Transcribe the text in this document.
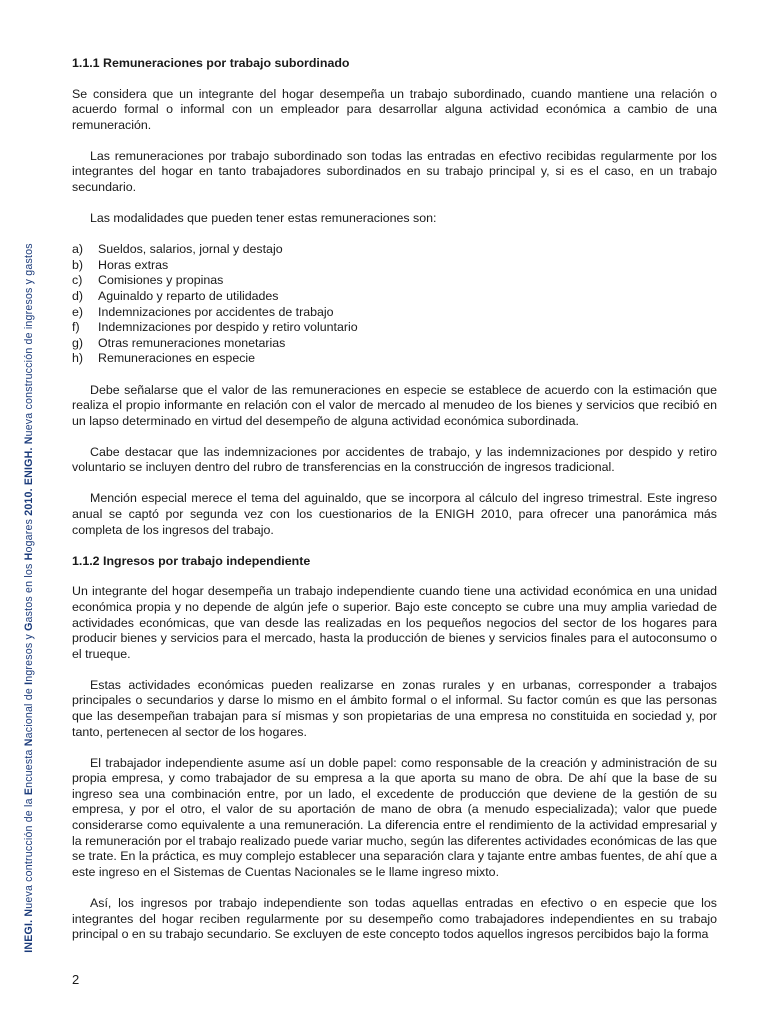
INEGI. Nueva contrucción de la Encuesta Nacional de Ingresos y Gastos en los Hogares 2010. ENIGH. Nueva construcción de ingresos y gastos
1.1.1 Remuneraciones por trabajo subordinado

Se considera que un integrante del hogar desempeña un trabajo subordinado, cuando mantiene una relación o acuerdo formal o informal con un empleador para desarrollar alguna actividad económica a cambio de una remuneración.

Las remuneraciones por trabajo subordinado son todas las entradas en efectivo recibidas regularmente por los integrantes del hogar en tanto trabajadores subordinados en su trabajo principal y, si es el caso, en un trabajo secundario.

Las modalidades que pueden tener estas remuneraciones son:

a)	Sueldos, salarios, jornal y destajo
b)	Horas extras
c)	Comisiones y propinas
d)	Aguinaldo y reparto de utilidades
e)	Indemnizaciones por accidentes de trabajo
f)	Indemnizaciones por despido y retiro voluntario
g)	Otras remuneraciones monetarias
h)	Remuneraciones en especie

Debe señalarse que el valor de las remuneraciones en especie se establece de acuerdo con la estimación que realiza el propio informante en relación con el valor de mercado al menudeo de los bienes y servicios que recibió en un lapso determinado en virtud del desempeño de alguna actividad económica subordinada.

Cabe destacar que las indemnizaciones por accidentes de trabajo, y las indemnizaciones por despido y retiro voluntario se incluyen dentro del rubro de transferencias en la construcción de ingresos tradicional.

Mención especial merece el tema del aguinaldo, que se incorpora al cálculo del ingreso trimestral. Este ingreso anual se captó por segunda vez con los cuestionarios de la ENIGH 2010, para ofrecer una panorámica más completa de los ingresos del trabajo.

1.1.2 Ingresos por trabajo independiente

Un integrante del hogar desempeña un trabajo independiente cuando tiene una actividad económica en una unidad económica propia y no depende de algún jefe o superior. Bajo este concepto se cubre una muy amplia variedad de actividades económicas, que van desde las realizadas en los pequeños negocios del sector de los hogares para producir bienes y servicios para el mercado, hasta la producción de bienes y servicios finales para el autoconsumo o el trueque.

Estas actividades económicas pueden realizarse en zonas rurales y en urbanas, corresponder a trabajos principales o secundarios y darse lo mismo en el ámbito formal o el informal. Su factor común es que las personas que las desempeñan trabajan para sí mismas y son propietarias de una empresa no constituida en sociedad y, por tanto, pertenecen al sector de los hogares.

El trabajador independiente asume así un doble papel: como responsable de la creación y administración de su propia empresa, y como trabajador de su empresa a la que aporta su mano de obra. De ahí que la base de su ingreso sea una combinación entre, por un lado, el excedente de producción que deviene de la gestión de su empresa, y por el otro, el valor de su aportación de mano de obra (a menudo especializada); valor que puede considerarse como equivalente a una remuneración. La diferencia entre el rendimiento de la actividad empresarial y la remuneración por el trabajo realizado puede variar mucho, según las diferentes actividades económicas de las que se trate. En la práctica, es muy complejo establecer una separación clara y tajante entre ambas fuentes, de ahí que a este ingreso en el Sistemas de Cuentas Nacionales se le llame ingreso mixto.

Así, los ingresos por trabajo independiente son todas aquellas entradas en efectivo o en especie que los integrantes del hogar reciben regularmente por su desempeño como trabajadores independientes en su trabajo principal o en su trabajo secundario. Se excluyen de este concepto todos aquellos ingresos percibidos bajo la forma

2
